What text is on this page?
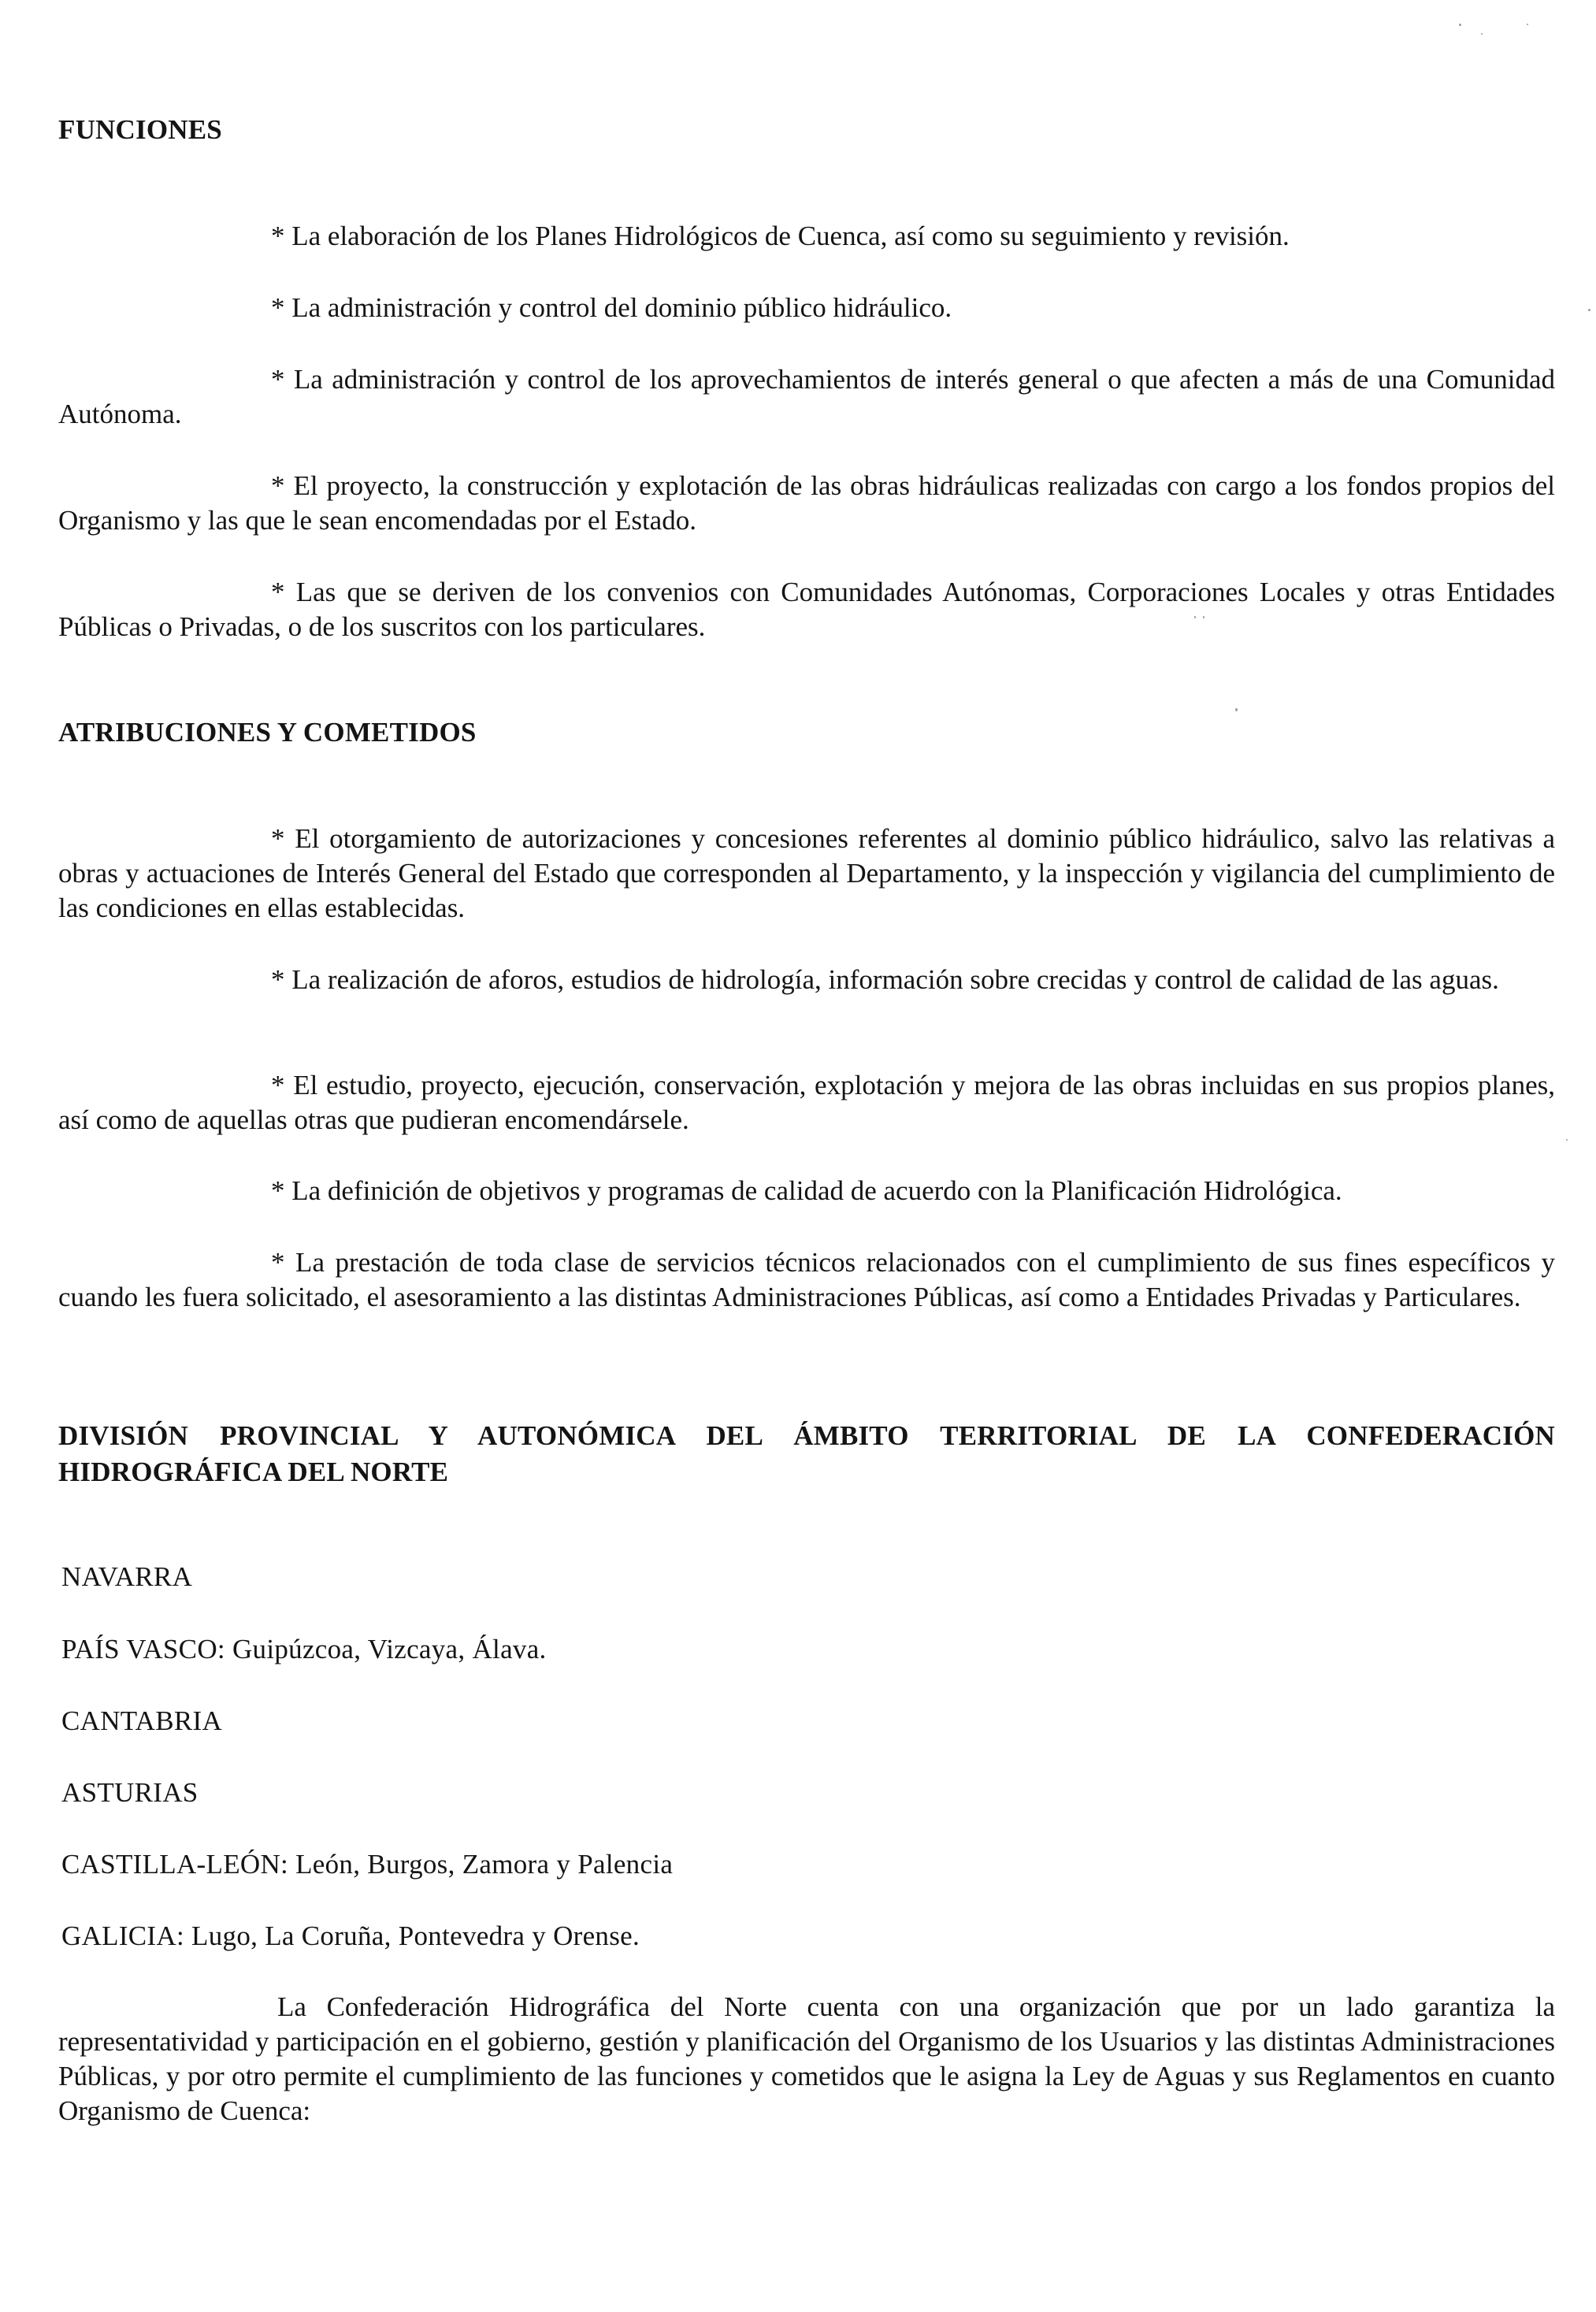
FUNCIONES

* La elaboración de los Planes Hidrológicos de Cuenca, así como su seguimiento y revisión.

* La administración y control del dominio público hidráulico.

* La administración y control de los aprovechamientos de interés general o que afecten a más de una Comunidad Autónoma.

* El proyecto, la construcción y explotación de las obras hidráulicas realizadas con cargo a los fondos propios del Organismo y las que le sean encomendadas por el Estado.

* Las que se deriven de los convenios con Comunidades Autónomas, Corporaciones Locales y otras Entidades Públicas o Privadas, o de los suscritos con los particulares.

ATRIBUCIONES Y COMETIDOS

* El otorgamiento de autorizaciones y concesiones referentes al dominio público hidráulico, salvo las relativas a obras y actuaciones de Interés General del Estado que corresponden al Departamento, y la inspección y vigilancia del cumplimiento de las condiciones en ellas establecidas.

* La realización de aforos, estudios de hidrología, información sobre crecidas y control de calidad de las aguas.

* El estudio, proyecto, ejecución, conservación, explotación y mejora de las obras incluidas en sus propios planes, así como de aquellas otras que pudieran encomendársele.

* La definición de objetivos y programas de calidad de acuerdo con la Planificación Hidrológica.

* La prestación de toda clase de servicios técnicos relacionados con el cumplimiento de sus fines específicos y cuando les fuera solicitado, el asesoramiento a las distintas Administraciones Públicas, así como a Entidades Privadas y Particulares.

DIVISIÓN PROVINCIAL Y AUTONÓMICA DEL ÁMBITO TERRITORIAL DE LA CONFEDERACIÓN HIDROGRÁFICA DEL NORTE

NAVARRA

PAÍS VASCO: Guipúzcoa, Vizcaya, Álava.

CANTABRIA

ASTURIAS

CASTILLA-LEÓN: León, Burgos, Zamora y Palencia

GALICIA: Lugo, La Coruña, Pontevedra y Orense.

La Confederación Hidrográfica del Norte cuenta con una organización que por un lado garantiza la representatividad y participación en el gobierno, gestión y planificación del Organismo de los Usuarios y las distintas Administraciones Públicas, y por otro permite el cumplimiento de las funciones y cometidos que le asigna la Ley de Aguas y sus Reglamentos en cuanto Organismo de Cuenca:
